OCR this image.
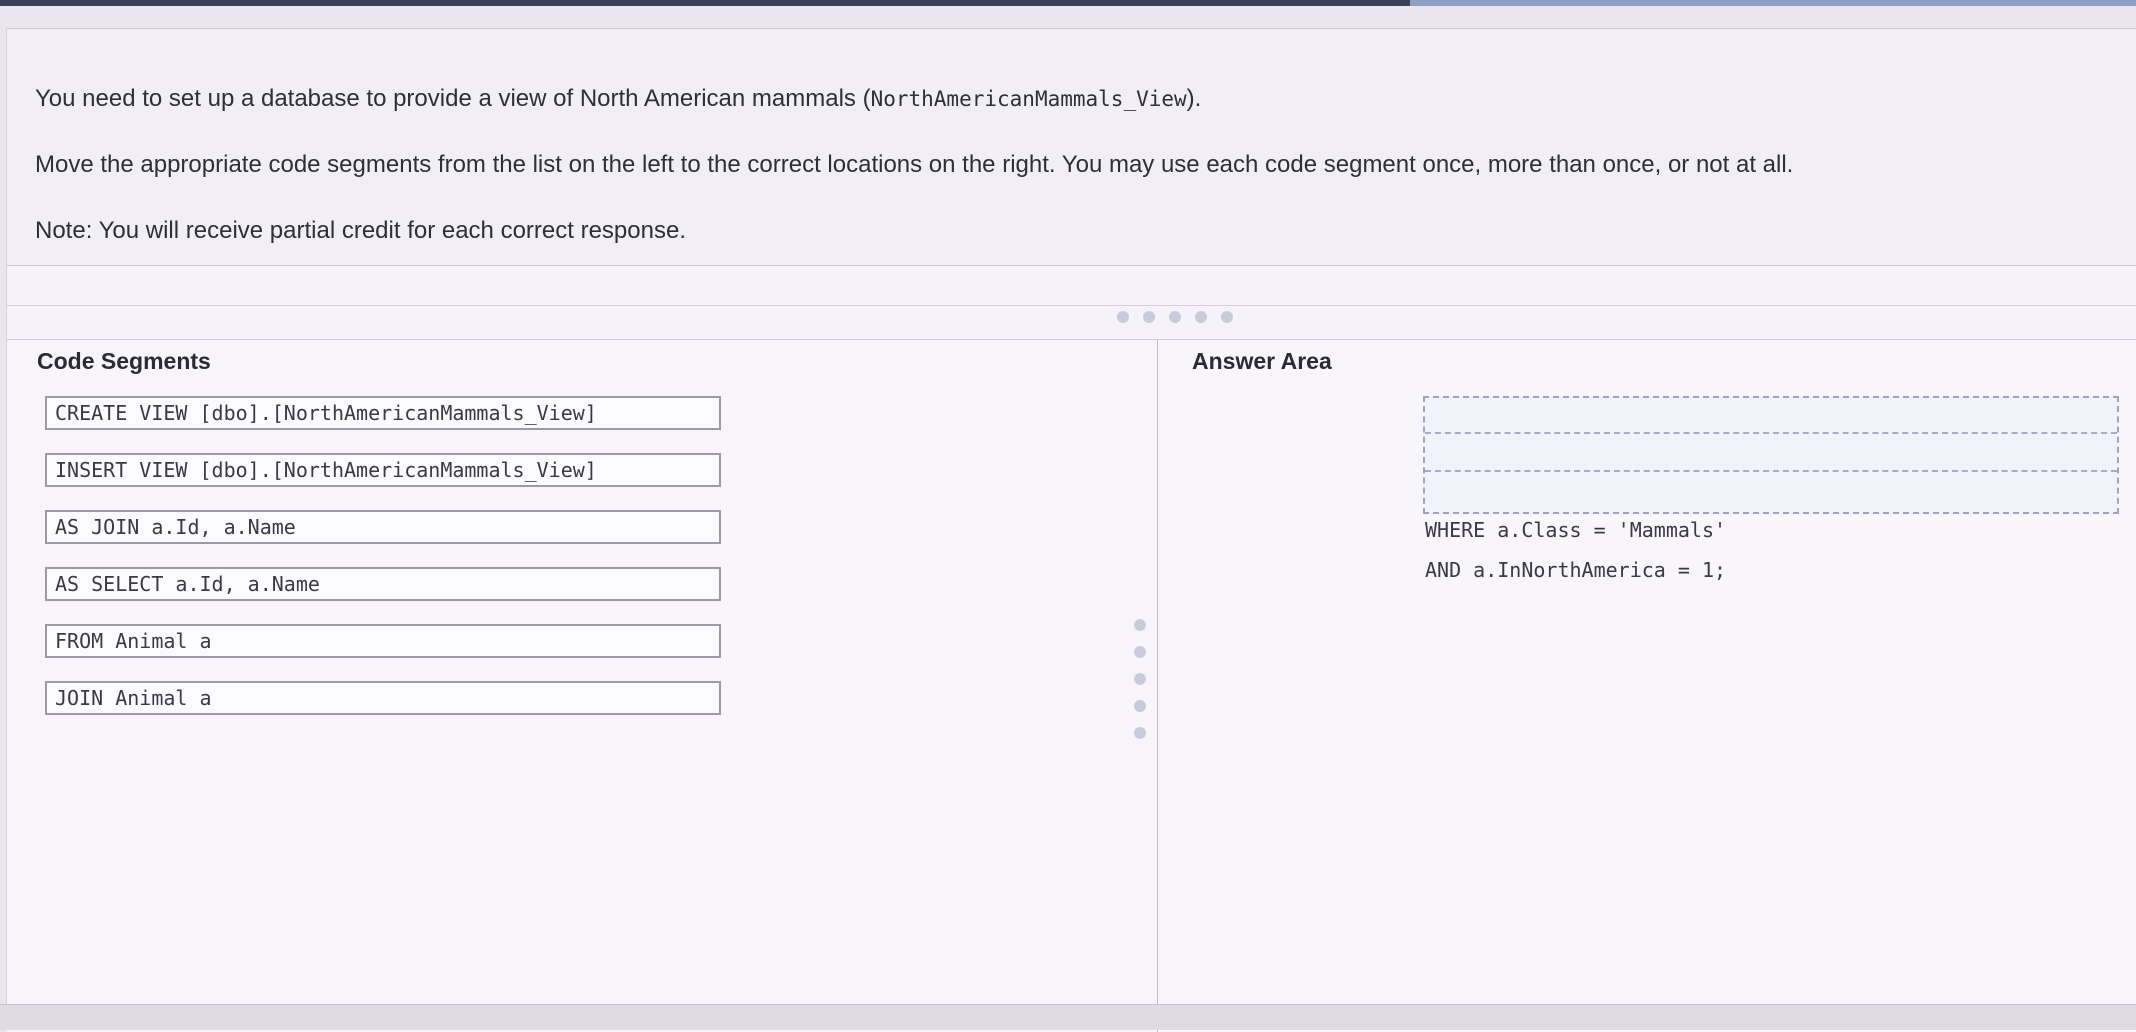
You need to set up a database to provide a view of North American mammals (NorthAmericanMammals_View).
Move the appropriate code segments from the list on the left to the correct locations on the right. You may use each code segment once, more than once, or not at all.
Note: You will receive partial credit for each correct response.
Code Segments
CREATE VIEW [dbo].[NorthAmericanMammals_View]
INSERT VIEW [dbo].[NorthAmericanMammals_View]
AS JOIN a.Id, a.Name
AS SELECT a.Id, a.Name
FROM Animal a
JOIN Animal a
Answer Area
WHERE a.Class = 'Mammals'
AND a.InNorthAmerica = 1;
